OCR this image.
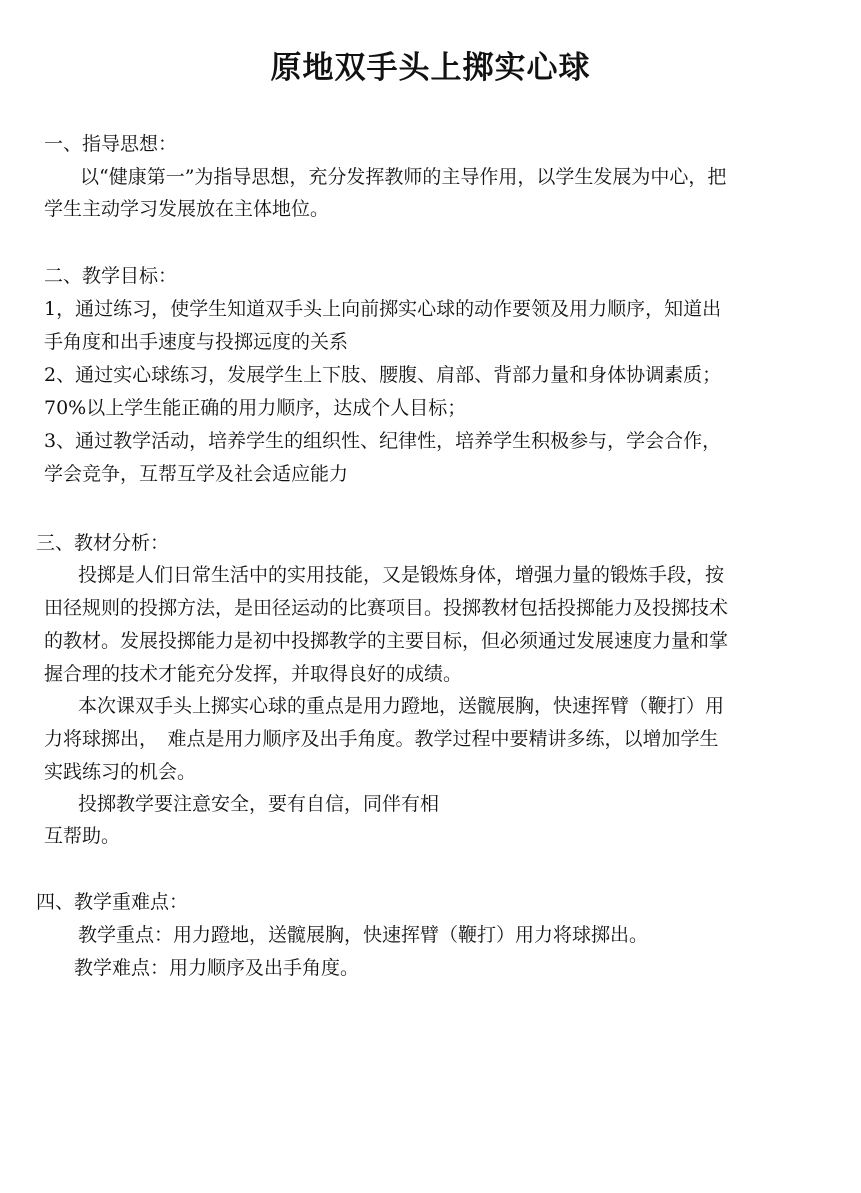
原地双手头上掷实心球

一、指导思想：

以“健康第一”为指导思想，充分发挥教师的主导作用，以学生发展为中心，把

学生主动学习发展放在主体地位。

二、教学目标：

1，通过练习，使学生知道双手头上向前掷实心球的动作要领及用力顺序，知道出

手角度和出手速度与投掷远度的关系

2、通过实心球练习，发展学生上下肢、腰腹、肩部、背部力量和身体协调素质；

70%以上学生能正确的用力顺序，达成个人目标；

3、通过教学活动，培养学生的组织性、纪律性，培养学生积极参与，学会合作，

学会竞争，互帮互学及社会适应能力

三、教材分析：

投掷是人们日常生活中的实用技能，又是锻炼身体，增强力量的锻炼手段，按

田径规则的投掷方法，是田径运动的比赛项目。投掷教材包括投掷能力及投掷技术

的教材。发展投掷能力是初中投掷教学的主要目标，但必须通过发展速度力量和掌

握合理的技术才能充分发挥，并取得良好的成绩。

本次课双手头上掷实心球的重点是用力蹬地，送髋展胸，快速挥臂（鞭打）用

力将球掷出，　难点是用力顺序及出手角度。教学过程中要精讲多练，以增加学生

实践练习的机会。

投掷教学要注意安全，要有自信，同伴有相

互帮助。

四、教学重难点：

教学重点：用力蹬地，送髋展胸，快速挥臂（鞭打）用力将球掷出。

教学难点：用力顺序及出手角度。
